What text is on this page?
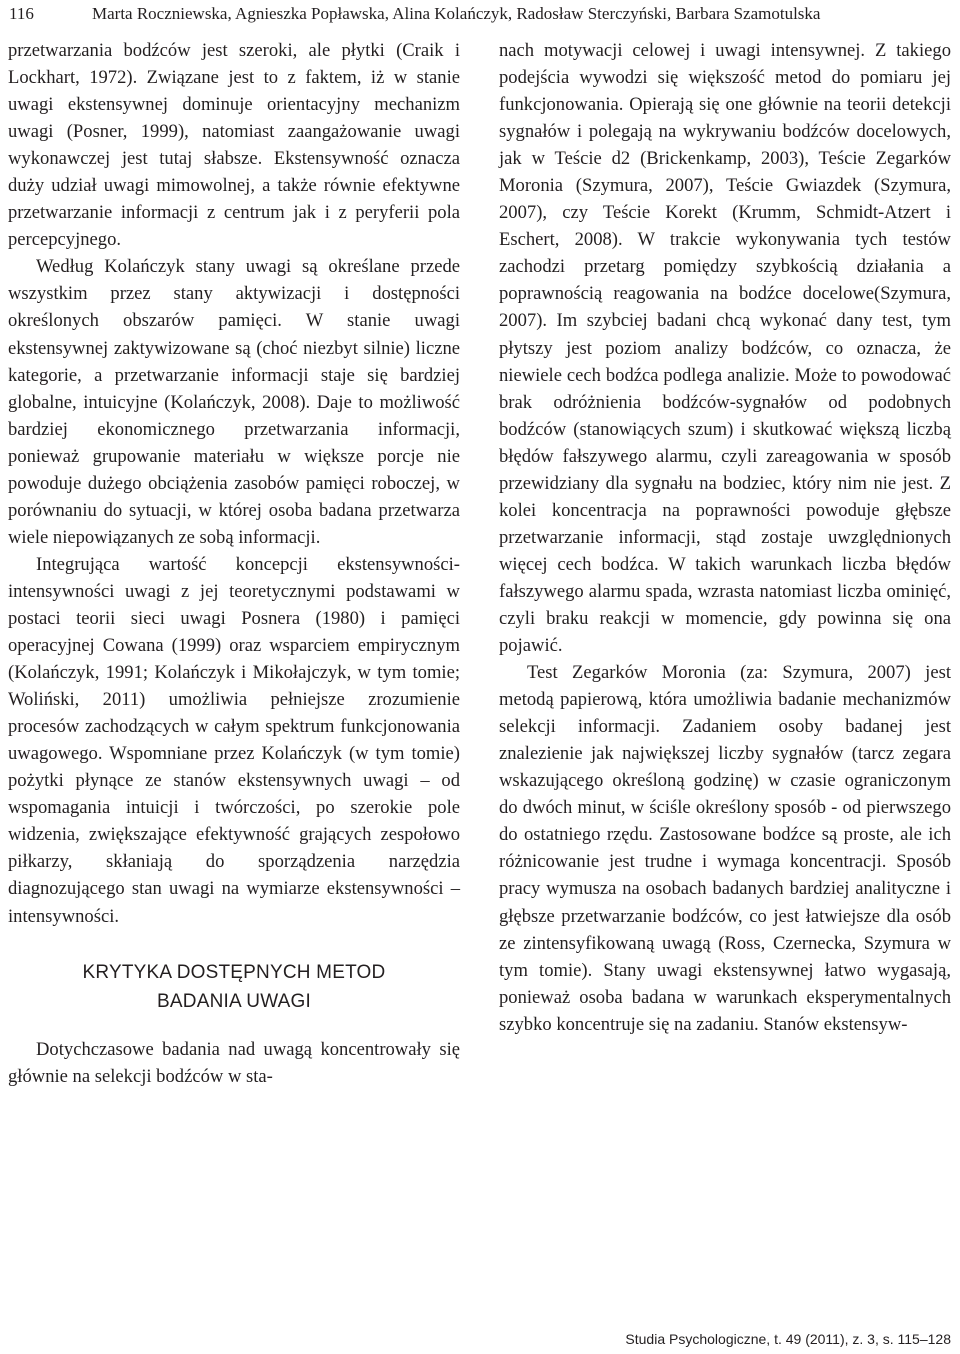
116	Marta Roczniewska, Agnieszka Popławska, Alina Kolańczyk, Radosław Sterczyński, Barbara Szamotulska

przetwarzania bodźców jest szeroki, ale płytki (Craik i Lockhart, 1972). Związane jest to z faktem, iż w stanie uwagi ekstensywnej dominuje orientacyjny mechanizm uwagi (Posner, 1999), natomiast zaangażowanie uwagi wykonawczej jest tutaj słabsze. Ekstensywność oznacza duży udział uwagi mimowolnej, a także równie efektywne przetwarzanie informacji z centrum jak i z peryferii pola percepcyjnego.

Według Kolańczyk stany uwagi są określane przede wszystkim przez stany aktywizacji i dostępności określonych obszarów pamięci. W stanie uwagi ekstensywnej zaktywizowane są (choć niezbyt silnie) liczne kategorie, a przetwarzanie informacji staje się bardziej globalne, intuicyjne (Kolańczyk, 2008). Daje to możliwość bardziej ekonomicznego przetwarzania informacji, ponieważ grupowanie materiału w większe porcje nie powoduje dużego obciążenia zasobów pamięci roboczej, w porównaniu do sytuacji, w której osoba badana przetwarza wiele niepowiązanych ze sobą informacji.

Integrująca wartość koncepcji ekstensywności-intensywności uwagi z jej teoretycznymi podstawami w postaci teorii sieci uwagi Posnera (1980) i pamięci operacyjnej Cowana (1999) oraz wsparciem empirycznym (Kolańczyk, 1991; Kolańczyk i Mikołajczyk, w tym tomie; Woliński, 2011) umożliwia pełniejsze zrozumienie procesów zachodzących w całym spektrum funkcjonowania uwagowego. Wspomniane przez Kolańczyk (w tym tomie) pożytki płynące ze stanów ekstensywnych uwagi – od wspomagania intuicji i twórczości, po szerokie pole widzenia, zwiększające efektywność grających zespołowo piłkarzy, skłaniają do sporządzenia narzędzia diagnozującego stan uwagi na wymiarze ekstensywności – intensywności.

KRYTYKA DOSTĘPNYCH METOD
BADANIA UWAGI

Dotychczasowe badania nad uwagą koncentrowały się głównie na selekcji bodźców w sta-

nach motywacji celowej i uwagi intensywnej. Z takiego podejścia wywodzi się większość metod do pomiaru jej funkcjonowania. Opierają się one głównie na teorii detekcji sygnałów i polegają na wykrywaniu bodźców docelowych, jak w Teście d2 (Brickenkamp, 2003), Teście Zegarków Moronia (Szymura, 2007), Teście Gwiazdek (Szymura, 2007), czy Teście Korekt (Krumm, Schmidt-Atzert i Eschert, 2008). W trakcie wykonywania tych testów zachodzi przetarg pomiędzy szybkością działania a poprawnością reagowania na bodźce docelowe(Szymura, 2007). Im szybciej badani chcą wykonać dany test, tym płytszy jest poziom analizy bodźców, co oznacza, że niewiele cech bodźca podlega analizie. Może to powodować brak odróżnienia bodźców-sygnałów od podobnych bodźców (stanowiących szum) i skutkować większą liczbą błędów fałszywego alarmu, czyli zareagowania w sposób przewidziany dla sygnału na bodziec, który nim nie jest. Z kolei koncentracja na poprawności powoduje głębsze przetwarzanie informacji, stąd zostaje uwzględnionych więcej cech bodźca. W takich warunkach liczba błędów fałszywego alarmu spada, wzrasta natomiast liczba ominięć, czyli braku reakcji w momencie, gdy powinna się ona pojawić.

Test Zegarków Moronia (za: Szymura, 2007) jest metodą papierową, która umożliwia badanie mechanizmów selekcji informacji. Zadaniem osoby badanej jest znalezienie jak największej liczby sygnałów (tarcz zegara wskazującego określoną godzinę) w czasie ograniczonym do dwóch minut, w ściśle określony sposób - od pierwszego do ostatniego rzędu. Zastosowane bodźce są proste, ale ich różnicowanie jest trudne i wymaga koncentracji. Sposób pracy wymusza na osobach badanych bardziej analityczne i głębsze przetwarzanie bodźców, co jest łatwiejsze dla osób ze zintensyfikowaną uwagą (Ross, Czernecka, Szymura w tym tomie). Stany uwagi ekstensywnej łatwo wygasają, ponieważ osoba badana w warunkach eksperymentalnych szybko koncentruje się na zadaniu. Stanów ekstensyw-

Studia Psychologiczne, t. 49 (2011), z. 3, s. 115–128
